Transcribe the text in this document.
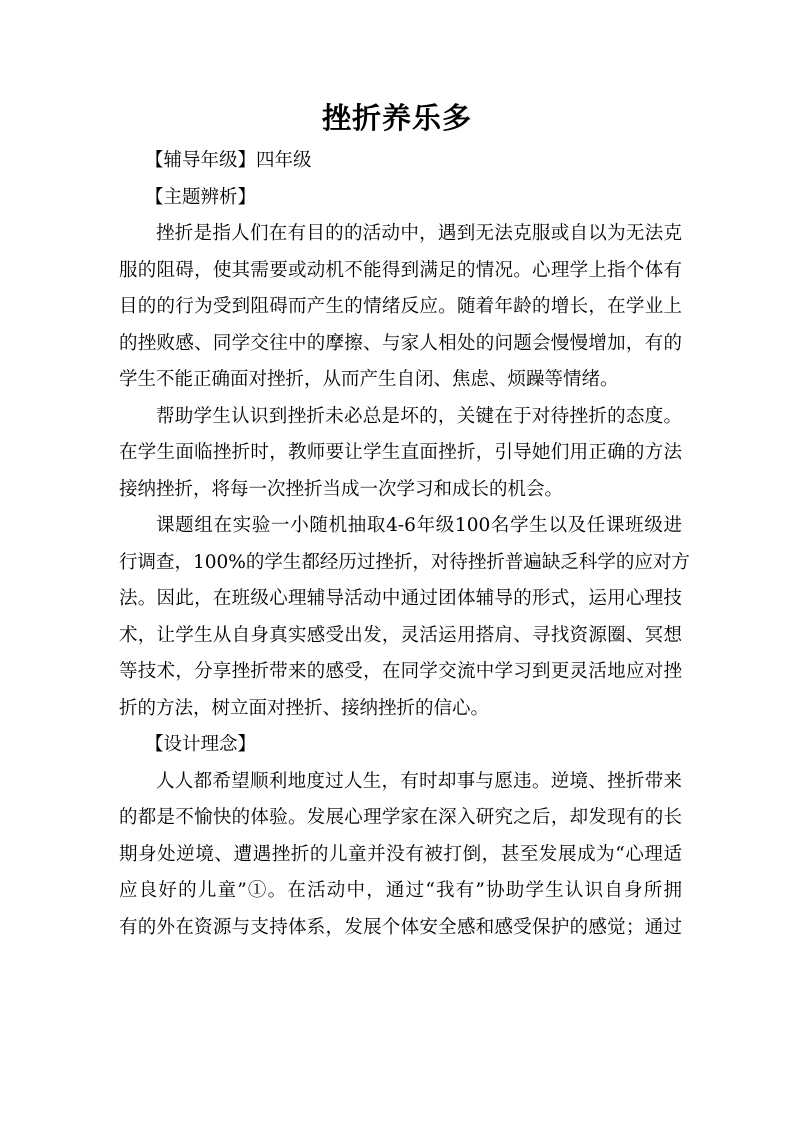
挫折养乐多
【辅导年级】四年级
【主题辨析】
挫折是指人们在有目的的活动中，遇到无法克服或自以为无法克
服的阻碍，使其需要或动机不能得到满足的情况。心理学上指个体有
目的的行为受到阻碍而产生的情绪反应。随着年龄的增长，在学业上
的挫败感、同学交往中的摩擦、与家人相处的问题会慢慢增加，有的
学生不能正确面对挫折，从而产生自闭、焦虑、烦躁等情绪。
帮助学生认识到挫折未必总是坏的，关键在于对待挫折的态度。
在学生面临挫折时，教师要让学生直面挫折，引导她们用正确的方法
接纳挫折，将每一次挫折当成一次学习和成长的机会。
课题组在实验一小随机抽取4-6年级100名学生以及任课班级进
行调查，100%的学生都经历过挫折，对待挫折普遍缺乏科学的应对方
法。因此，在班级心理辅导活动中通过团体辅导的形式，运用心理技
术，让学生从自身真实感受出发，灵活运用搭肩、寻找资源圈、冥想
等技术，分享挫折带来的感受，在同学交流中学习到更灵活地应对挫
折的方法，树立面对挫折、接纳挫折的信心。
【设计理念】
人人都希望顺利地度过人生，有时却事与愿违。逆境、挫折带来
的都是不愉快的体验。发展心理学家在深入研究之后，却发现有的长
期身处逆境、遭遇挫折的儿童并没有被打倒，甚至发展成为“心理适
应良好的儿童”①。在活动中，通过“我有”协助学生认识自身所拥
有的外在资源与支持体系，发展个体安全感和感受保护的感觉；通过
